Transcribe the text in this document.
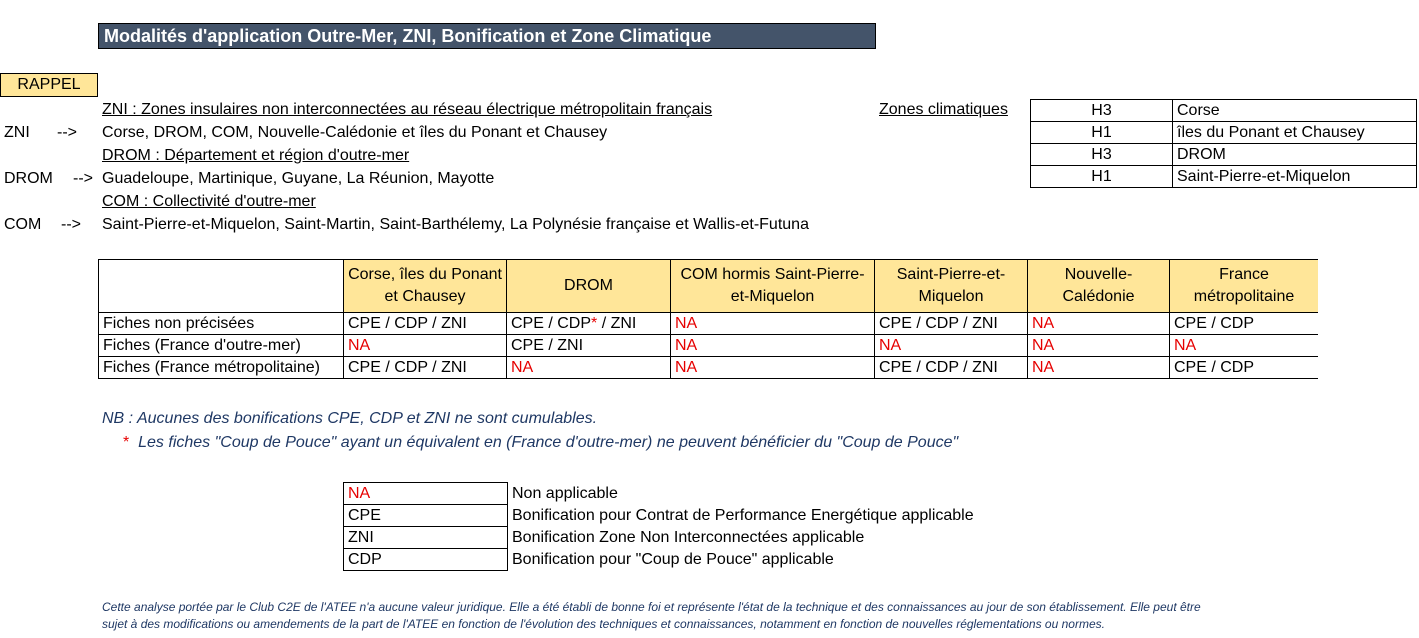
Modalités d'application Outre-Mer, ZNI, Bonification et Zone Climatique
RAPPEL
ZNI : Zones insulaires non interconnectées au réseau électrique métropolitain français
ZNI --> Corse, DROM, COM, Nouvelle-Calédonie et îles du Ponant et Chausey
DROM : Département et région d'outre-mer
DROM --> Guadeloupe, Martinique, Guyane, La Réunion, Mayotte
COM : Collectivité d'outre-mer
COM --> Saint-Pierre-et-Miquelon, Saint-Martin, Saint-Barthélemy, La Polynésie française et Wallis-et-Futuna
Zones climatiques	H3	Corse
H1	îles du Ponant et Chausey
H3	DROM
H1	Saint-Pierre-et-Miquelon
	Corse, îles du Ponant et Chausey	DROM	COM hormis Saint-Pierre-et-Miquelon	Saint-Pierre-et-Miquelon	Nouvelle-Calédonie	France métropolitaine
Fiches non précisées	CPE / CDP / ZNI	CPE / CDP* / ZNI	NA	CPE / CDP / ZNI	NA	CPE / CDP
Fiches (France d'outre-mer)	NA	CPE / ZNI	NA	NA	NA	NA
Fiches (France métropolitaine)	CPE / CDP / ZNI	NA	NA	CPE / CDP / ZNI	NA	CPE / CDP
NB : Aucunes des bonifications CPE, CDP et ZNI ne sont cumulables.
* Les fiches "Coup de Pouce" ayant un équivalent en (France d'outre-mer) ne peuvent bénéficier du "Coup de Pouce"
NA	Non applicable
CPE	Bonification pour Contrat de Performance Energétique applicable
ZNI	Bonification Zone Non Interconnectées applicable
CDP	Bonification pour "Coup de Pouce" applicable
Cette analyse portée par le Club C2E de l'ATEE n'a aucune valeur juridique. Elle a été établi de bonne foi et représente l'état de la technique et des connaissances au jour de son établissement. Elle peut être
sujet à des modifications ou amendements de la part de l'ATEE en fonction de l'évolution des techniques et connaissances, notamment en fonction de nouvelles réglementations ou normes.
